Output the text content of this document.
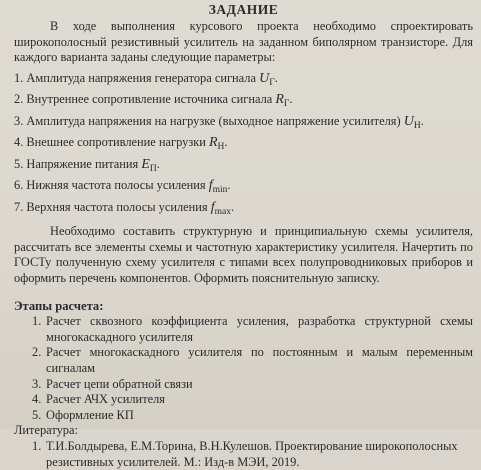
ЗАДАНИЕ

В ходе выполнения курсового проекта необходимо спроектировать широкополосный резистивный усилитель на заданном биполярном транзисторе. Для каждого варианта заданы следующие параметры:

1. Амплитуда напряжения генератора сигнала $U_Г$.
2. Внутреннее сопротивление источника сигнала $R_Г$.
3. Амплитуда напряжения на нагрузке (выходное напряжение усилителя) $U_Н$.
4. Внешнее сопротивление нагрузки $R_Н$.
5. Напряжение питания $E_П$.
6. Нижняя частота полосы усиления $f_{min}$.
7. Верхняя частота полосы усиления $f_{max}$.

Необходимо составить структурную и принципиальную схемы усилителя, рассчитать все элементы схемы и частотную характеристику усилителя. Начертить по ГОСТу полученную схему усилителя с типами всех полупроводниковых приборов и оформить перечень компонентов. Оформить пояснительную записку.

Этапы расчета:
1. Расчет сквозного коэффициента усиления, разработка структурной схемы многокаскадного усилителя
2. Расчет многокаскадного усилителя по постоянным и малым переменным сигналам
3. Расчет цепи обратной связи
4. Расчет АЧХ усилителя
5. Оформление КП
Литература:
1. Т.И.Болдырева, Е.М.Торина, В.Н.Кулешов. Проектирование широкополосных резистивных усилителей. М.: Изд-в МЭИ, 2019.
